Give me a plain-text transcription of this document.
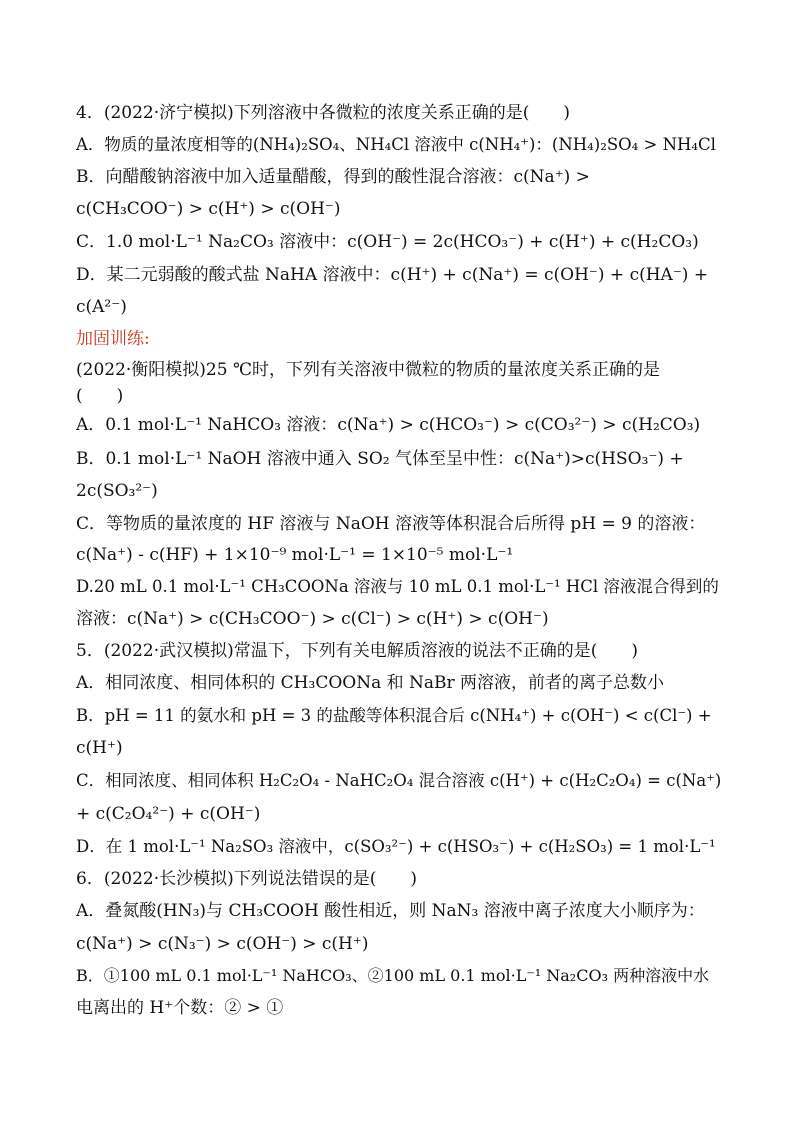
4．(2022·济宁模拟)下列溶液中各微粒的浓度关系正确的是(　　)
A．物质的量浓度相等的(NH₄)₂SO₄、NH₄Cl 溶液中 c(NH₄⁺)：(NH₄)₂SO₄ > NH₄Cl
B．向醋酸钠溶液中加入适量醋酸，得到的酸性混合溶液：c(Na⁺) >
c(CH₃COO⁻) > c(H⁺) > c(OH⁻)
C．1.0 mol·L⁻¹ Na₂CO₃ 溶液中：c(OH⁻) = 2c(HCO₃⁻) + c(H⁺) + c(H₂CO₃)
D．某二元弱酸的酸式盐 NaHA 溶液中：c(H⁺) + c(Na⁺) = c(OH⁻) + c(HA⁻) +
c(A²⁻)
加固训练:
(2022·衡阳模拟)25 ℃时，下列有关溶液中微粒的物质的量浓度关系正确的是
(　　)
A．0.1 mol·L⁻¹ NaHCO₃ 溶液：c(Na⁺) > c(HCO₃⁻) > c(CO₃²⁻) > c(H₂CO₃)
B．0.1 mol·L⁻¹ NaOH 溶液中通入 SO₂ 气体至呈中性：c(Na⁺)>c(HSO₃⁻) +
2c(SO₃²⁻)
C．等物质的量浓度的 HF 溶液与 NaOH 溶液等体积混合后所得 pH = 9 的溶液：
c(Na⁺) - c(HF) + 1×10⁻⁹ mol·L⁻¹ = 1×10⁻⁵ mol·L⁻¹
D.20 mL 0.1 mol·L⁻¹ CH₃COONa 溶液与 10 mL 0.1 mol·L⁻¹ HCl 溶液混合得到的
溶液：c(Na⁺) > c(CH₃COO⁻) > c(Cl⁻) > c(H⁺) > c(OH⁻)
5．(2022·武汉模拟)常温下，下列有关电解质溶液的说法不正确的是(　　)
A．相同浓度、相同体积的 CH₃COONa 和 NaBr 两溶液，前者的离子总数小
B．pH = 11 的氨水和 pH = 3 的盐酸等体积混合后 c(NH₄⁺) + c(OH⁻) < c(Cl⁻) +
c(H⁺)
C．相同浓度、相同体积 H₂C₂O₄ - NaHC₂O₄ 混合溶液 c(H⁺) + c(H₂C₂O₄) = c(Na⁺)
+ c(C₂O₄²⁻) + c(OH⁻)
D．在 1 mol·L⁻¹ Na₂SO₃ 溶液中，c(SO₃²⁻) + c(HSO₃⁻) + c(H₂SO₃) = 1 mol·L⁻¹
6．(2022·长沙模拟)下列说法错误的是(　　)
A．叠氮酸(HN₃)与 CH₃COOH 酸性相近，则 NaN₃ 溶液中离子浓度大小顺序为：
c(Na⁺) > c(N₃⁻) > c(OH⁻) > c(H⁺)
B．①100 mL 0.1 mol·L⁻¹ NaHCO₃、②100 mL 0.1 mol·L⁻¹ Na₂CO₃ 两种溶液中水
电离出的 H⁺个数：② > ①
